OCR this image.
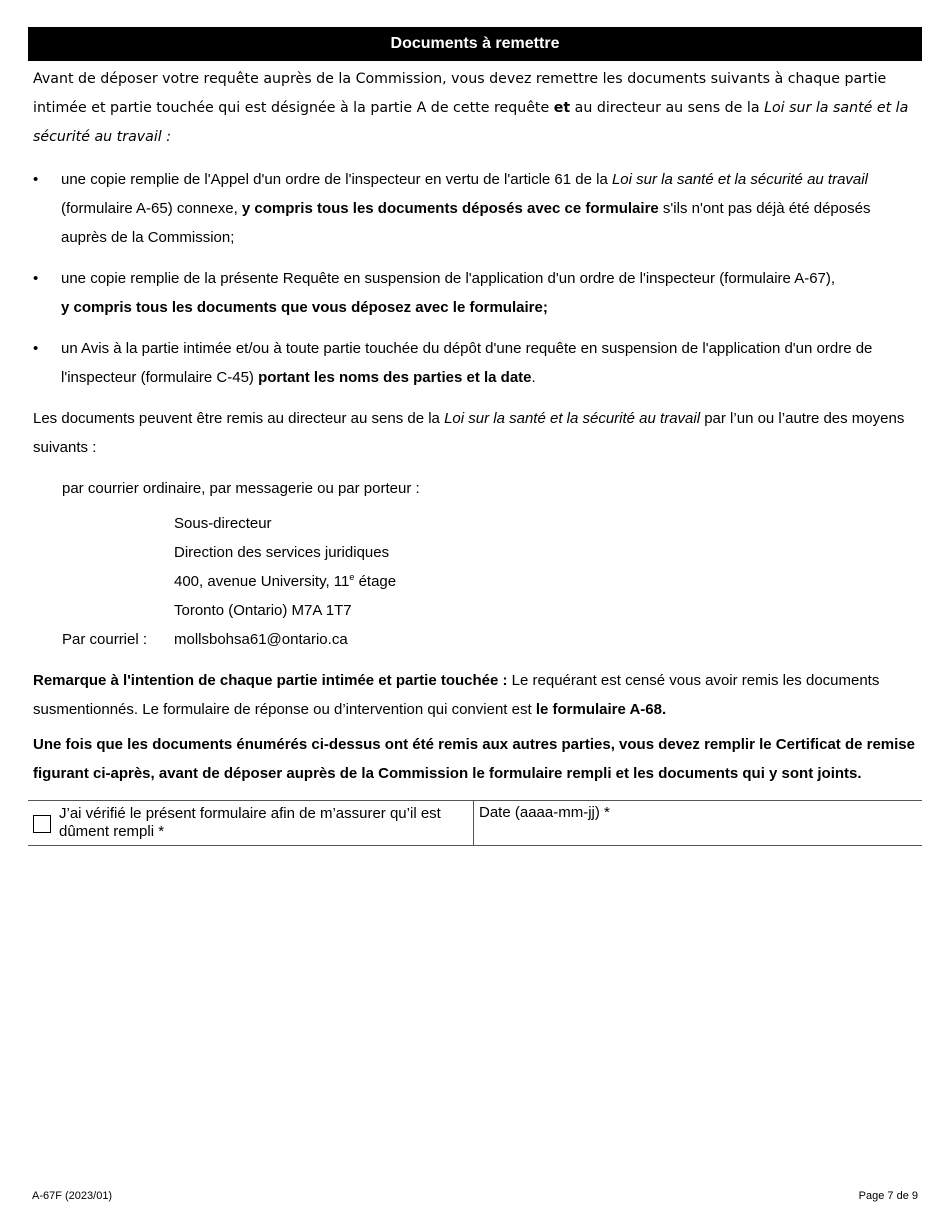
Documents à remettre

Avant de déposer votre requête auprès de la Commission, vous devez remettre les documents suivants à chaque partie intimée et partie touchée qui est désignée à la partie A de cette requête et au directeur au sens de la Loi sur la santé et la sécurité au travail :

• une copie remplie de l'Appel d'un ordre de l'inspecteur en vertu de l'article 61 de la Loi sur la santé et la sécurité au travail (formulaire A-65) connexe, y compris tous les documents déposés avec ce formulaire s'ils n'ont pas déjà été déposés auprès de la Commission;
• une copie remplie de la présente Requête en suspension de l'application d'un ordre de l'inspecteur (formulaire A-67),
y compris tous les documents que vous déposez avec le formulaire;
• un Avis à la partie intimée et/ou à toute partie touchée du dépôt d'une requête en suspension de l'application d'un ordre de l'inspecteur (formulaire C-45) portant les noms des parties et la date.

Les documents peuvent être remis au directeur au sens de la Loi sur la santé et la sécurité au travail par l’un ou l’autre des moyens suivants :

par courrier ordinaire, par messagerie ou par porteur :
Sous-directeur
Direction des services juridiques
400, avenue University, 11e étage
Toronto (Ontario) M7A 1T7
Par courriel :	mollsbohsa61@ontario.ca

Remarque à l'intention de chaque partie intimée et partie touchée : Le requérant est censé vous avoir remis les documents susmentionnés. Le formulaire de réponse ou d’intervention qui convient est le formulaire A-68.

Une fois que les documents énumérés ci-dessus ont été remis aux autres parties, vous devez remplir le Certificat de remise figurant ci-après, avant de déposer auprès de la Commission le formulaire rempli et les documents qui y sont joints.

J’ai vérifié le présent formulaire afin de m’assurer qu’il est dûment rempli *
Date (aaaa-mm-jj) *
A-67F (2023/01)	Page 7 de 9
